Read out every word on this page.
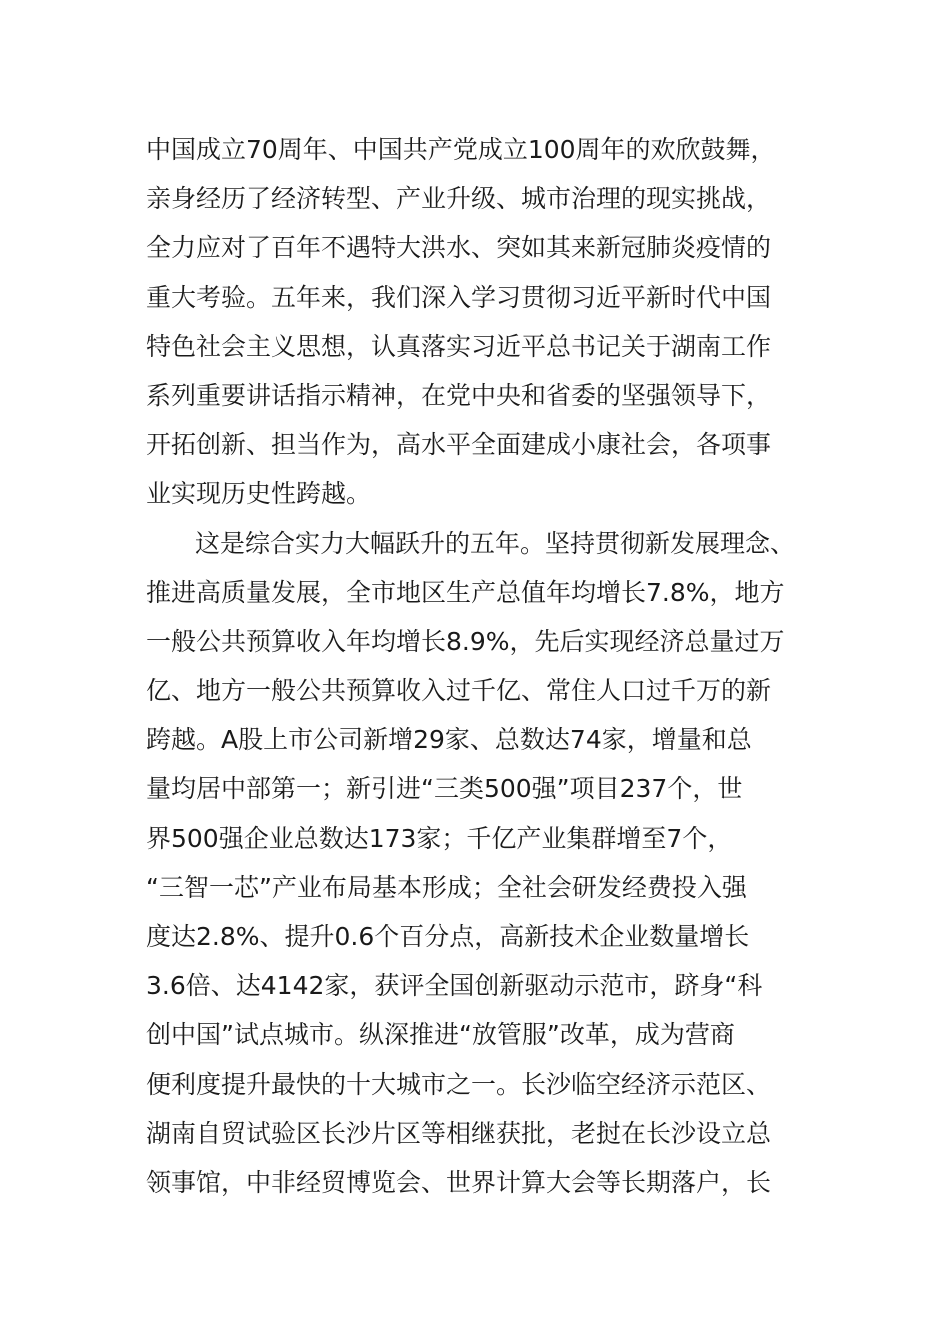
中国成立70周年、中国共产党成立100周年的欢欣鼓舞，
亲身经历了经济转型、产业升级、城市治理的现实挑战，
全力应对了百年不遇特大洪水、突如其来新冠肺炎疫情的
重大考验。五年来，我们深入学习贯彻习近平新时代中国
特色社会主义思想，认真落实习近平总书记关于湖南工作
系列重要讲话指示精神，在党中央和省委的坚强领导下，
开拓创新、担当作为，高水平全面建成小康社会，各项事
业实现历史性跨越。
这是综合实力大幅跃升的五年。坚持贯彻新发展理念、
推进高质量发展，全市地区生产总值年均增长7.8%，地方
一般公共预算收入年均增长8.9%，先后实现经济总量过万
亿、地方一般公共预算收入过千亿、常住人口过千万的新
跨越。A股上市公司新增29家、总数达74家，增量和总
量均居中部第一；新引进“三类500强”项目237个，世
界500强企业总数达173家；千亿产业集群增至7个，
“三智一芯”产业布局基本形成；全社会研发经费投入强
度达2.8%、提升0.6个百分点，高新技术企业数量增长
3.6倍、达4142家，获评全国创新驱动示范市，跻身“科
创中国”试点城市。纵深推进“放管服”改革，成为营商
便利度提升最快的十大城市之一。长沙临空经济示范区、
湖南自贸试验区长沙片区等相继获批，老挝在长沙设立总
领事馆，中非经贸博览会、世界计算大会等长期落户，长
